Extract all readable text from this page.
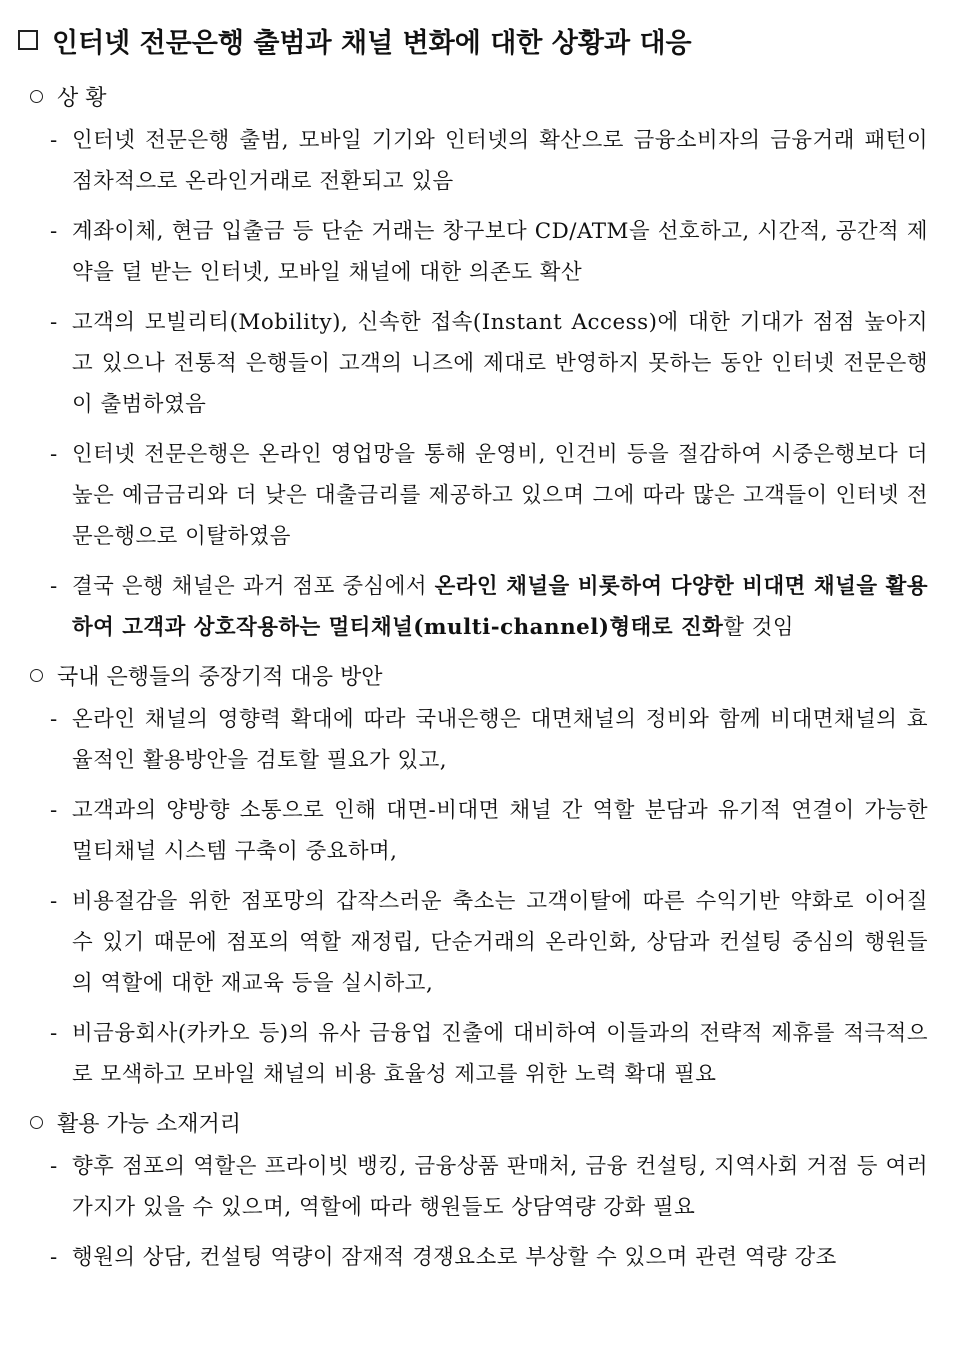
인터넷 전문은행 출범과 채널 변화에 대한 상황과 대응
상 황
- 인터넷 전문은행 출범, 모바일 기기와 인터넷의 확산으로 금융소비자의 금융거래 패턴이 점차적으로 온라인거래로 전환되고 있음
- 계좌이체, 현금 입출금 등 단순 거래는 창구보다 CD/ATM을 선호하고, 시간적, 공간적 제약을 덜 받는 인터넷, 모바일 채널에 대한 의존도 확산
- 고객의 모빌리티(Mobility), 신속한 접속(Instant Access)에 대한 기대가 점점 높아지고 있으나 전통적 은행들이 고객의 니즈에 제대로 반영하지 못하는 동안 인터넷 전문은행이 출범하였음
- 인터넷 전문은행은 온라인 영업망을 통해 운영비, 인건비 등을 절감하여 시중은행보다 더 높은 예금금리와 더 낮은 대출금리를 제공하고 있으며 그에 따라 많은 고객들이 인터넷 전문은행으로 이탈하였음
- 결국 은행 채널은 과거 점포 중심에서 온라인 채널을 비롯하여 다양한 비대면 채널을 활용하여 고객과 상호작용하는 멀티채널(multi-channel)형태로 진화할 것임
국내 은행들의 중장기적 대응 방안
- 온라인 채널의 영향력 확대에 따라 국내은행은 대면채널의 정비와 함께 비대면채널의 효율적인 활용방안을 검토할 필요가 있고,
- 고객과의 양방향 소통으로 인해 대면-비대면 채널 간 역할 분담과 유기적 연결이 가능한 멀티채널 시스템 구축이 중요하며,
- 비용절감을 위한 점포망의 갑작스러운 축소는 고객이탈에 따른 수익기반 약화로 이어질 수 있기 때문에 점포의 역할 재정립, 단순거래의 온라인화, 상담과 컨설팅 중심의 행원들의 역할에 대한 재교육 등을 실시하고,
- 비금융회사(카카오 등)의 유사 금융업 진출에 대비하여 이들과의 전략적 제휴를 적극적으로 모색하고 모바일 채널의 비용 효율성 제고를 위한 노력 확대 필요
활용 가능 소재거리
- 향후 점포의 역할은 프라이빗 뱅킹, 금융상품 판매처, 금융 컨설팅, 지역사회 거점 등 여러 가지가 있을 수 있으며, 역할에 따라 행원들도 상담역량 강화 필요
- 행원의 상담, 컨설팅 역량이 잠재적 경쟁요소로 부상할 수 있으며 관련 역량 강조
